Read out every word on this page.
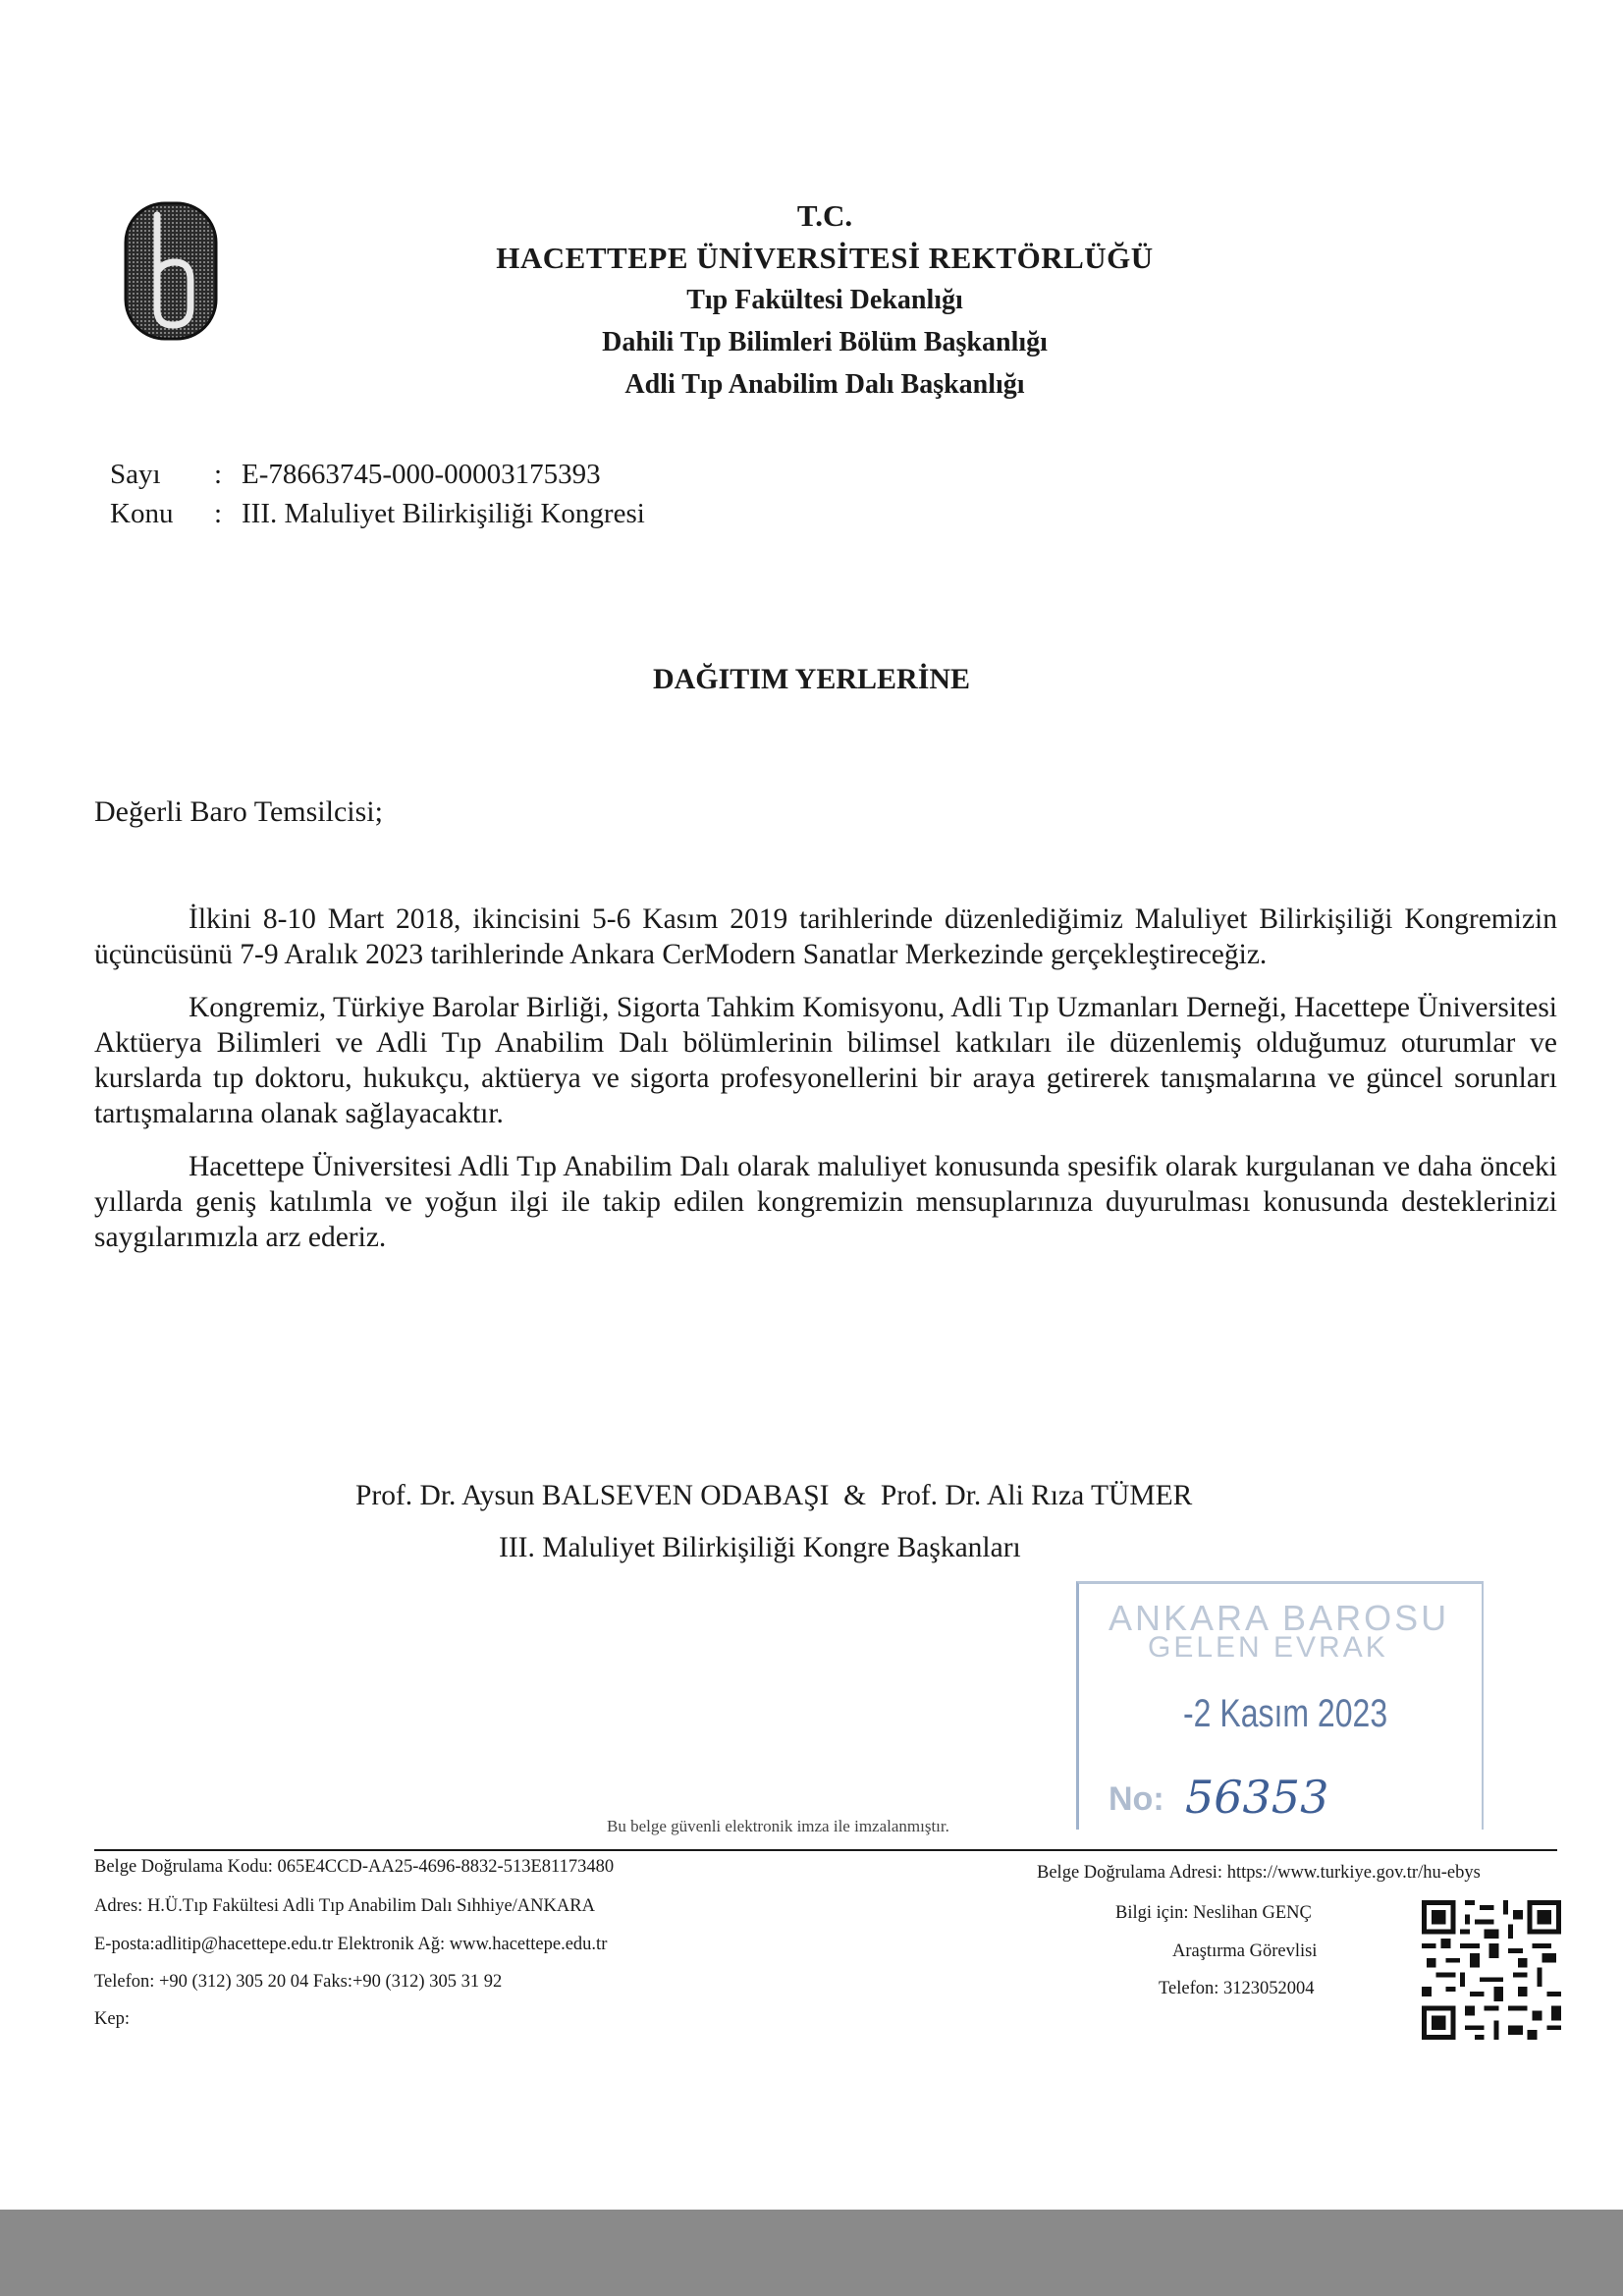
T.C.
HACETTEPE ÜNİVERSİTESİ REKTÖRLÜĞÜ
Tıp Fakültesi Dekanlığı
Dahili Tıp Bilimleri Bölüm Başkanlığı
Adli Tıp Anabilim Dalı Başkanlığı
Sayı	: E-78663745-000-00003175393
Konu	: III. Maluliyet Bilirkişiliği Kongresi
DAĞITIM YERLERİNE
Değerli Baro Temsilcisi;

İlkini 8-10 Mart 2018, ikincisini 5-6 Kasım 2019 tarihlerinde düzenlediğimiz Maluliyet Bilirkişiliği Kongremizin üçüncüsünü 7-9 Aralık 2023 tarihlerinde Ankara CerModern Sanatlar Merkezinde gerçekleştireceğiz.

Kongremiz, Türkiye Barolar Birliği, Sigorta Tahkim Komisyonu, Adli Tıp Uzmanları Derneği, Hacettepe Üniversitesi Aktüerya Bilimleri ve Adli Tıp Anabilim Dalı bölümlerinin bilimsel katkıları ile düzenlemiş olduğumuz oturumlar ve kurslarda tıp doktoru, hukukçu, aktüerya ve sigorta profesyonellerini bir araya getirerek tanışmalarına ve güncel sorunları tartışmalarına olanak sağlayacaktır.

Hacettepe Üniversitesi Adli Tıp Anabilim Dalı olarak maluliyet konusunda spesifik olarak kurgulanan ve daha önceki yıllarda geniş katılımla ve yoğun ilgi ile takip edilen kongremizin mensuplarınıza duyurulması konusunda desteklerinizi saygılarımızla arz ederiz.

Prof. Dr. Aysun BALSEVEN ODABAŞI  &  Prof. Dr. Ali Rıza TÜMER
III. Maluliyet Bilirkişiliği Kongre Başkanları
ANKARA BAROSU
GELEN EVRAK
-2 Kasım 2023
No: 56353
Bu belge güvenli elektronik imza ile imzalanmıştır.
Belge Doğrulama Kodu: 065E4CCD-AA25-4696-8832-513E81173480
Adres: H.Ü.Tıp Fakültesi Adli Tıp Anabilim Dalı Sıhhiye/ANKARA
E-posta:adlitip@hacettepe.edu.tr Elektronik Ağ: www.hacettepe.edu.tr
Telefon: +90 (312) 305 20 04 Faks:+90 (312) 305 31 92
Kep:
Belge Doğrulama Adresi: https://www.turkiye.gov.tr/hu-ebys
Bilgi için: Neslihan GENÇ
Araştırma Görevlisi
Telefon: 3123052004
